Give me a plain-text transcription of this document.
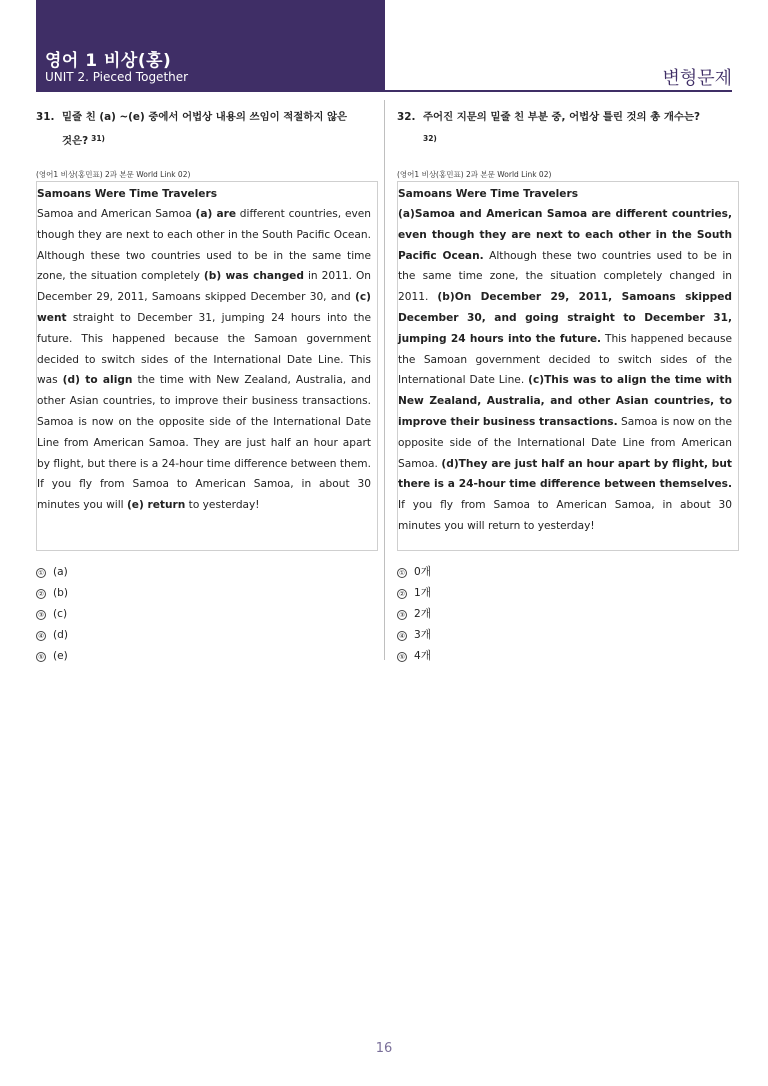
영어 1 비상(홍)
UNIT 2. Pieced Together	변형문제
31. 밑줄 친 (a) ~(e) 중에서 어법상 내용의 쓰임이 적절하지 않은
것은? $^{31)}$
(영어1 비상(홍민표) 2과 본문 World Link 02)
Samoans Were Time Travelers
Samoa and American Samoa (a) are different countries, even though they are next to each other in the South Pacific Ocean. Although these two countries used to be in the same time zone, the situation completely (b) was changed in 2011. On December 29, 2011, Samoans skipped December 30, and (c) went straight to December 31, jumping 24 hours into the future. This happened because the Samoan government decided to switch sides of the International Date Line. This was (d) to align the time with New Zealand, Australia, and other Asian countries, to improve their business transactions. Samoa is now on the opposite side of the International Date Line from American Samoa. They are just half an hour apart by flight, but there is a 24-hour time difference between them. If you fly from Samoa to American Samoa, in about 30 minutes you will (e) return to yesterday!
① (a)
② (b)
③ (c)
④ (d)
⑤ (e)
32. 주어진 지문의 밑줄 친 부분 중, 어법상 틀린 것의 총 개수는?
$^{32)}$
(영어1 비상(홍민표) 2과 본문 World Link 02)
Samoans Were Time Travelers
(a)Samoa and American Samoa are different countries, even though they are next to each other in the South Pacific Ocean. Although these two countries used to be in the same time zone, the situation completely changed in 2011. (b)On December 29, 2011, Samoans skipped December 30, and going straight to December 31, jumping 24 hours into the future. This happened because the Samoan government decided to switch sides of the International Date Line. (c)This was to align the time with New Zealand, Australia, and other Asian countries, to improve their business transactions. Samoa is now on the opposite side of the International Date Line from American Samoa. (d)They are just half an hour apart by flight, but there is a 24-hour time difference between themselves. If you fly from Samoa to American Samoa, in about 30 minutes you will return to yesterday!
① 0개
② 1개
③ 2개
④ 3개
⑤ 4개
16
